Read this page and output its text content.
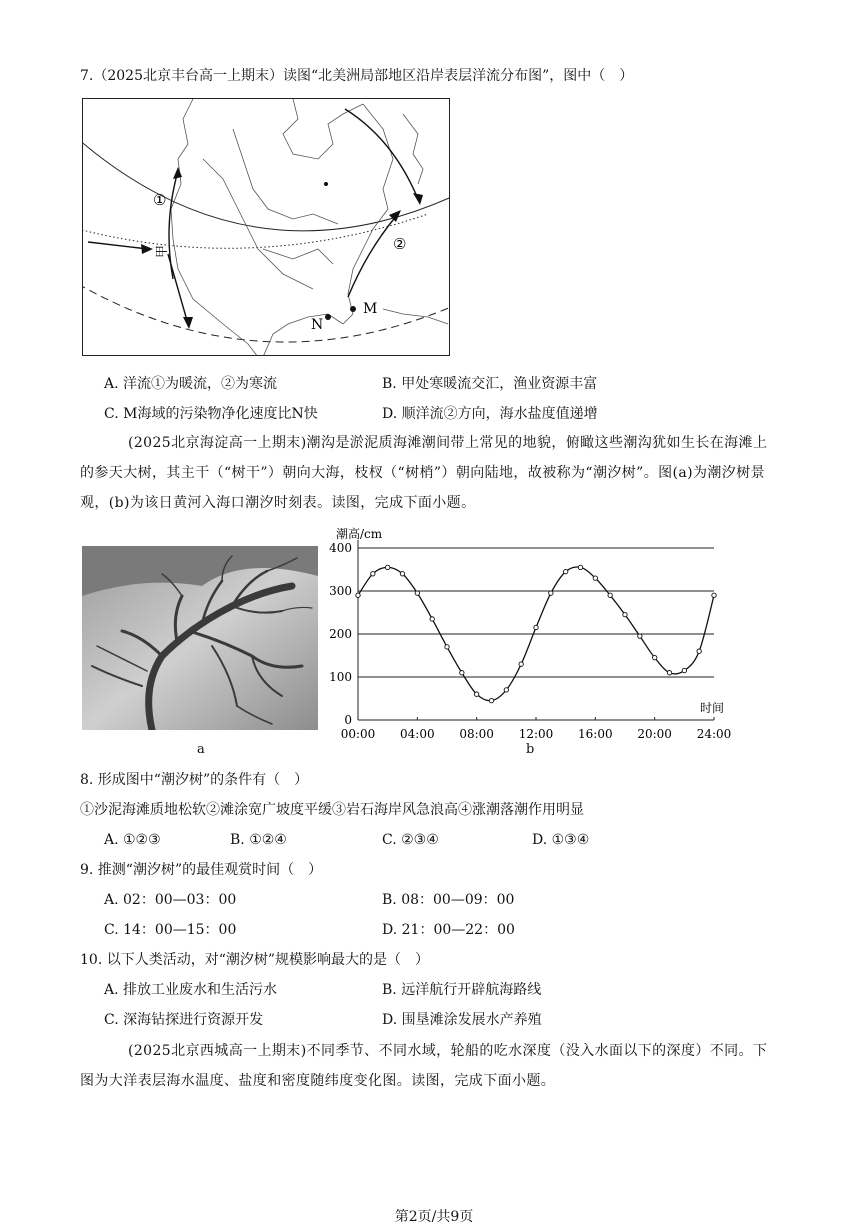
7.（2025北京丰台高一上期末）读图“北美洲局部地区沿岸表层洋流分布图”，图中（　）
①
②
甲
M
N
A. 洋流①为暖流，②为寒流	B. 甲处寒暖流交汇，渔业资源丰富
C. M海域的污染物净化速度比N快	D. 顺洋流②方向，海水盐度值递增
(2025北京海淀高一上期末)潮沟是淤泥质海滩潮间带上常见的地貌，俯瞰这些潮沟犹如生长在海滩上的参天大树，其主干（“树干”）朝向大海，枝杈（“树梢”）朝向陆地，故被称为“潮汐树”。图(a)为潮汐树景观，(b)为该日黄河入海口潮汐时刻表。读图，完成下面小题。
a
潮高/cm
时间
0
100
200
300
400
00:00 04:00 08:00 12:00 16:00 20:00 24:00
b
8. 形成图中“潮汐树”的条件有（　）
①沙泥海滩质地松软②滩涂宽广坡度平缓③岩石海岸风急浪高④涨潮落潮作用明显
A. ①②③	B. ①②④	C. ②③④	D. ①③④
9. 推测“潮汐树”的最佳观赏时间（　）
A. 02：00—03：00	B. 08：00—09：00
C. 14：00—15：00	D. 21：00—22：00
10. 以下人类活动，对“潮汐树”规模影响最大的是（　）
A. 排放工业废水和生活污水	B. 远洋航行开辟航海路线
C. 深海钻探进行资源开发	D. 围垦滩涂发展水产养殖
(2025北京西城高一上期末)不同季节、不同水域，轮船的吃水深度（没入水面以下的深度）不同。下图为大洋表层海水温度、盐度和密度随纬度变化图。读图，完成下面小题。
第2页/共9页
